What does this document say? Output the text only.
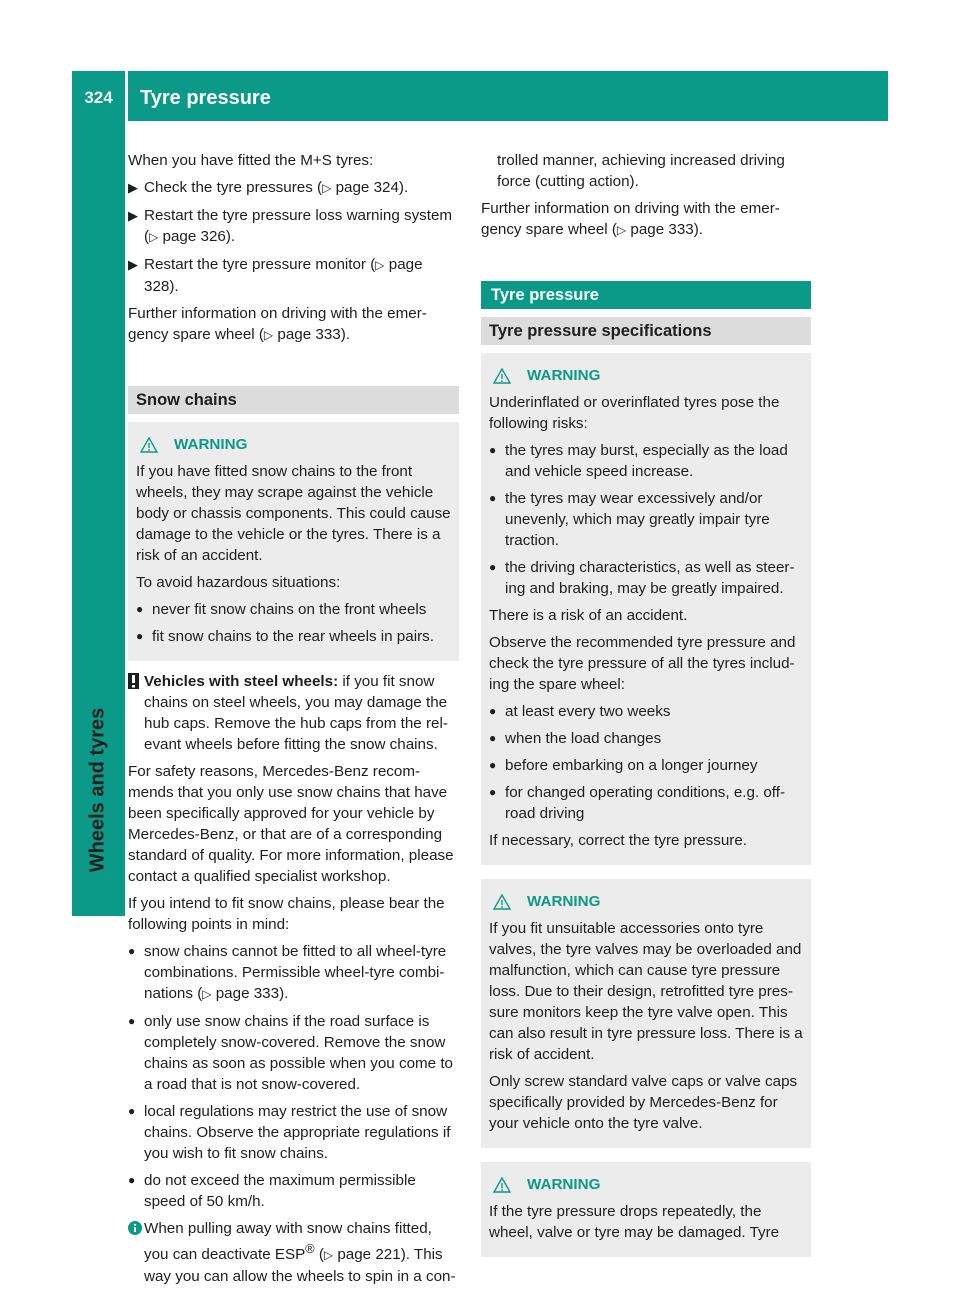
324	Tyre pressure
Wheels and tyres

When you have fitted the M+S tyres:

▶ Check the tyre pressures (▷ page 324).
▶ Restart the tyre pressure loss warning system (▷ page 326).
▶ Restart the tyre pressure monitor (▷ page 328).

Further information on driving with the emer-gency spare wheel (▷ page 333).

Snow chains
WARNING

If you have fitted snow chains to the front wheels, they may scrape against the vehicle body or chassis components. This could cause damage to the vehicle or the tyres. There is a risk of an accident.

To avoid hazardous situations:

● never fit snow chains on the front wheels
● fit snow chains to the rear wheels in pairs.
Vehicles with steel wheels: if you fit snow chains on steel wheels, you may damage the hub caps. Remove the hub caps from the rel-evant wheels before fitting the snow chains.

For safety reasons, Mercedes-Benz recom-mends that you only use snow chains that have been specifically approved for your vehicle by Mercedes-Benz, or that are of a corresponding standard of quality. For more information, please contact a qualified specialist workshop.

If you intend to fit snow chains, please bear the following points in mind:

● snow chains cannot be fitted to all wheel-tyre combinations. Permissible wheel-tyre combi-nations (▷ page 333).
● only use snow chains if the road surface is completely snow-covered. Remove the snow chains as soon as possible when you come to a road that is not snow-covered.
● local regulations may restrict the use of snow chains. Observe the appropriate regulations if you wish to fit snow chains.
● do not exceed the maximum permissible speed of 50 km/h.
When pulling away with snow chains fitted, you can deactivate ESP® (▷ page 221). This way you can allow the wheels to spin in a con-

trolled manner, achieving increased driving force (cutting action).

Further information on driving with the emer-gency spare wheel (▷ page 333).

Tyre pressure
Tyre pressure specifications
WARNING

Underinflated or overinflated tyres pose the following risks:

● the tyres may burst, especially as the load and vehicle speed increase.
● the tyres may wear excessively and/or unevenly, which may greatly impair tyre traction.
● the driving characteristics, as well as steer-ing and braking, may be greatly impaired.

There is a risk of an accident.

Observe the recommended tyre pressure and check the tyre pressure of all the tyres includ-ing the spare wheel:

● at least every two weeks
● when the load changes
● before embarking on a longer journey
● for changed operating conditions, e.g. off-road driving

If necessary, correct the tyre pressure.

WARNING

If you fit unsuitable accessories onto tyre valves, the tyre valves may be overloaded and malfunction, which can cause tyre pressure loss. Due to their design, retrofitted tyre pres-sure monitors keep the tyre valve open. This can also result in tyre pressure loss. There is a risk of accident.

Only screw standard valve caps or valve caps specifically provided by Mercedes-Benz for your vehicle onto the tyre valve.

WARNING

If the tyre pressure drops repeatedly, the wheel, valve or tyre may be damaged. Tyre
